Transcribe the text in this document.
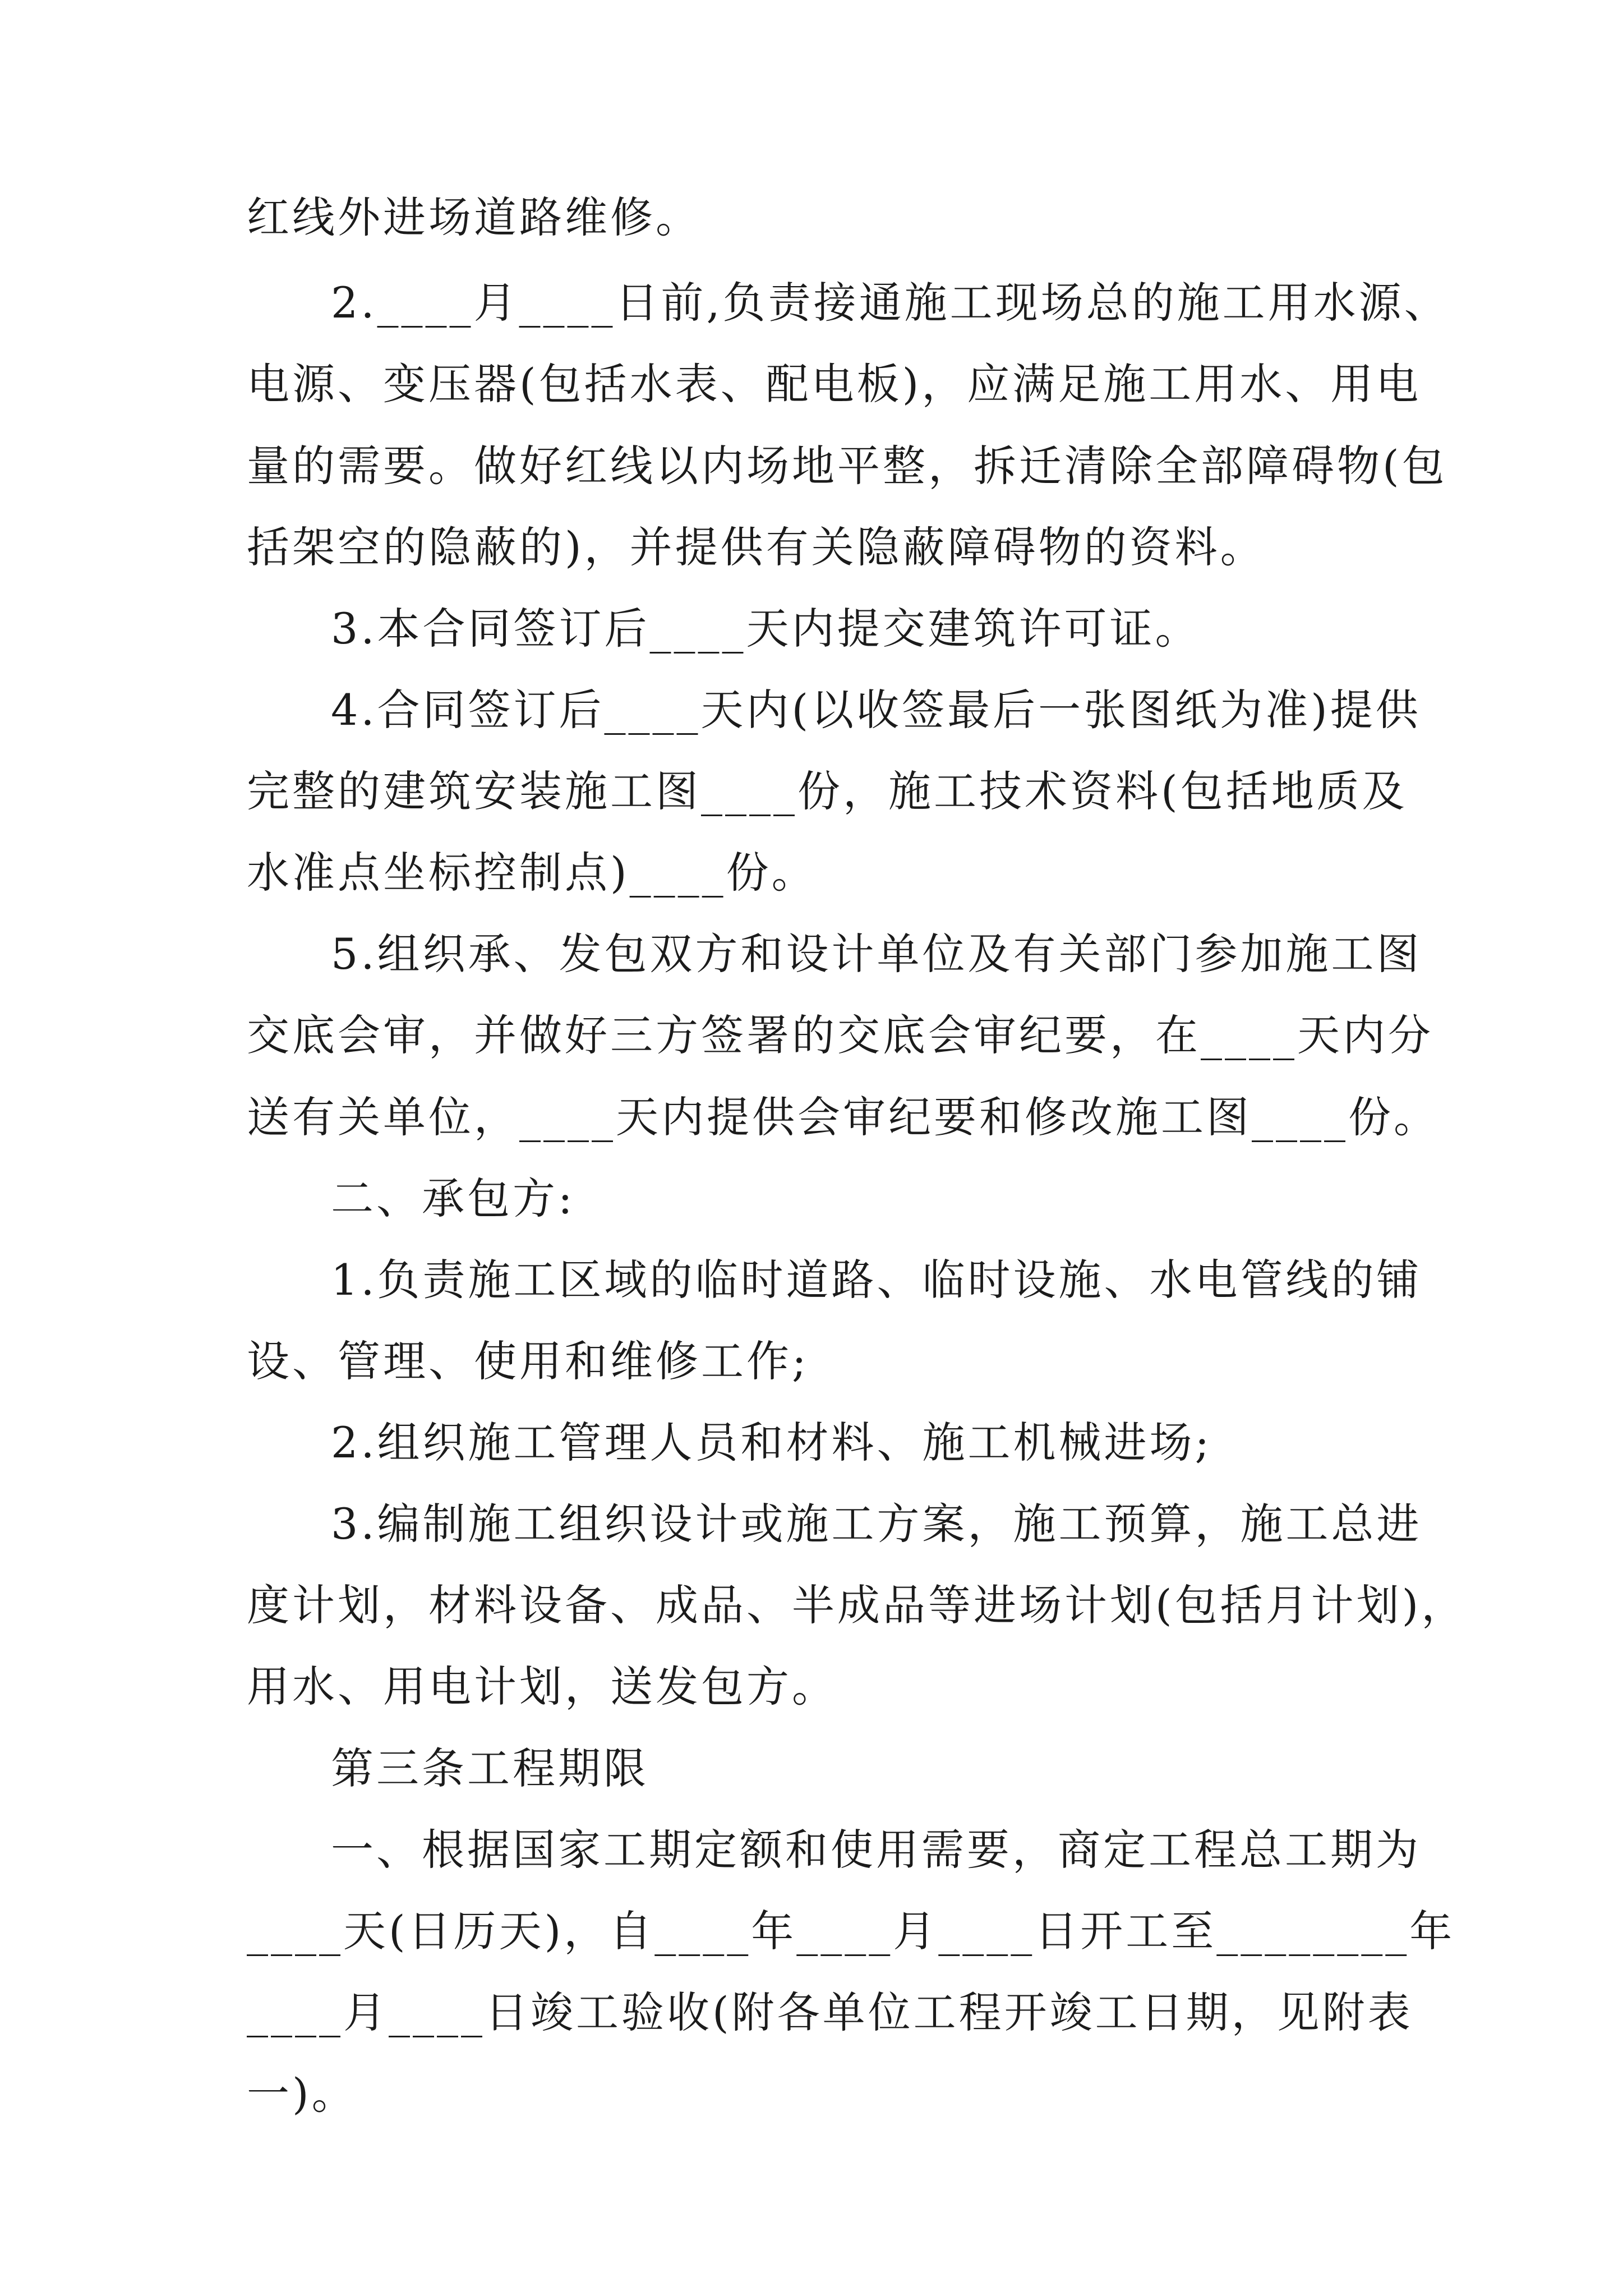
红线外进场道路维修。
2.____月____日前,负责接通施工现场总的施工用水源、
电源、变压器(包括水表、配电板)，应满足施工用水、用电
量的需要。做好红线以内场地平整，拆迁清除全部障碍物(包
括架空的隐蔽的)，并提供有关隐蔽障碍物的资料。
3.本合同签订后____天内提交建筑许可证。
4.合同签订后____天内(以收签最后一张图纸为准)提供
完整的建筑安装施工图____份，施工技术资料(包括地质及
水准点坐标控制点)____份。
5.组织承、发包双方和设计单位及有关部门参加施工图
交底会审，并做好三方签署的交底会审纪要，在____天内分
送有关单位，____天内提供会审纪要和修改施工图____份。
二、承包方:
1.负责施工区域的临时道路、临时设施、水电管线的铺
设、管理、使用和维修工作;
2.组织施工管理人员和材料、施工机械进场;
3.编制施工组织设计或施工方案，施工预算，施工总进
度计划，材料设备、成品、半成品等进场计划(包括月计划)，
用水、用电计划，送发包方。
第三条工程期限
一、根据国家工期定额和使用需要，商定工程总工期为
____天(日历天)，自____年____月____日开工至________年
____月____日竣工验收(附各单位工程开竣工日期，见附表
一)。
